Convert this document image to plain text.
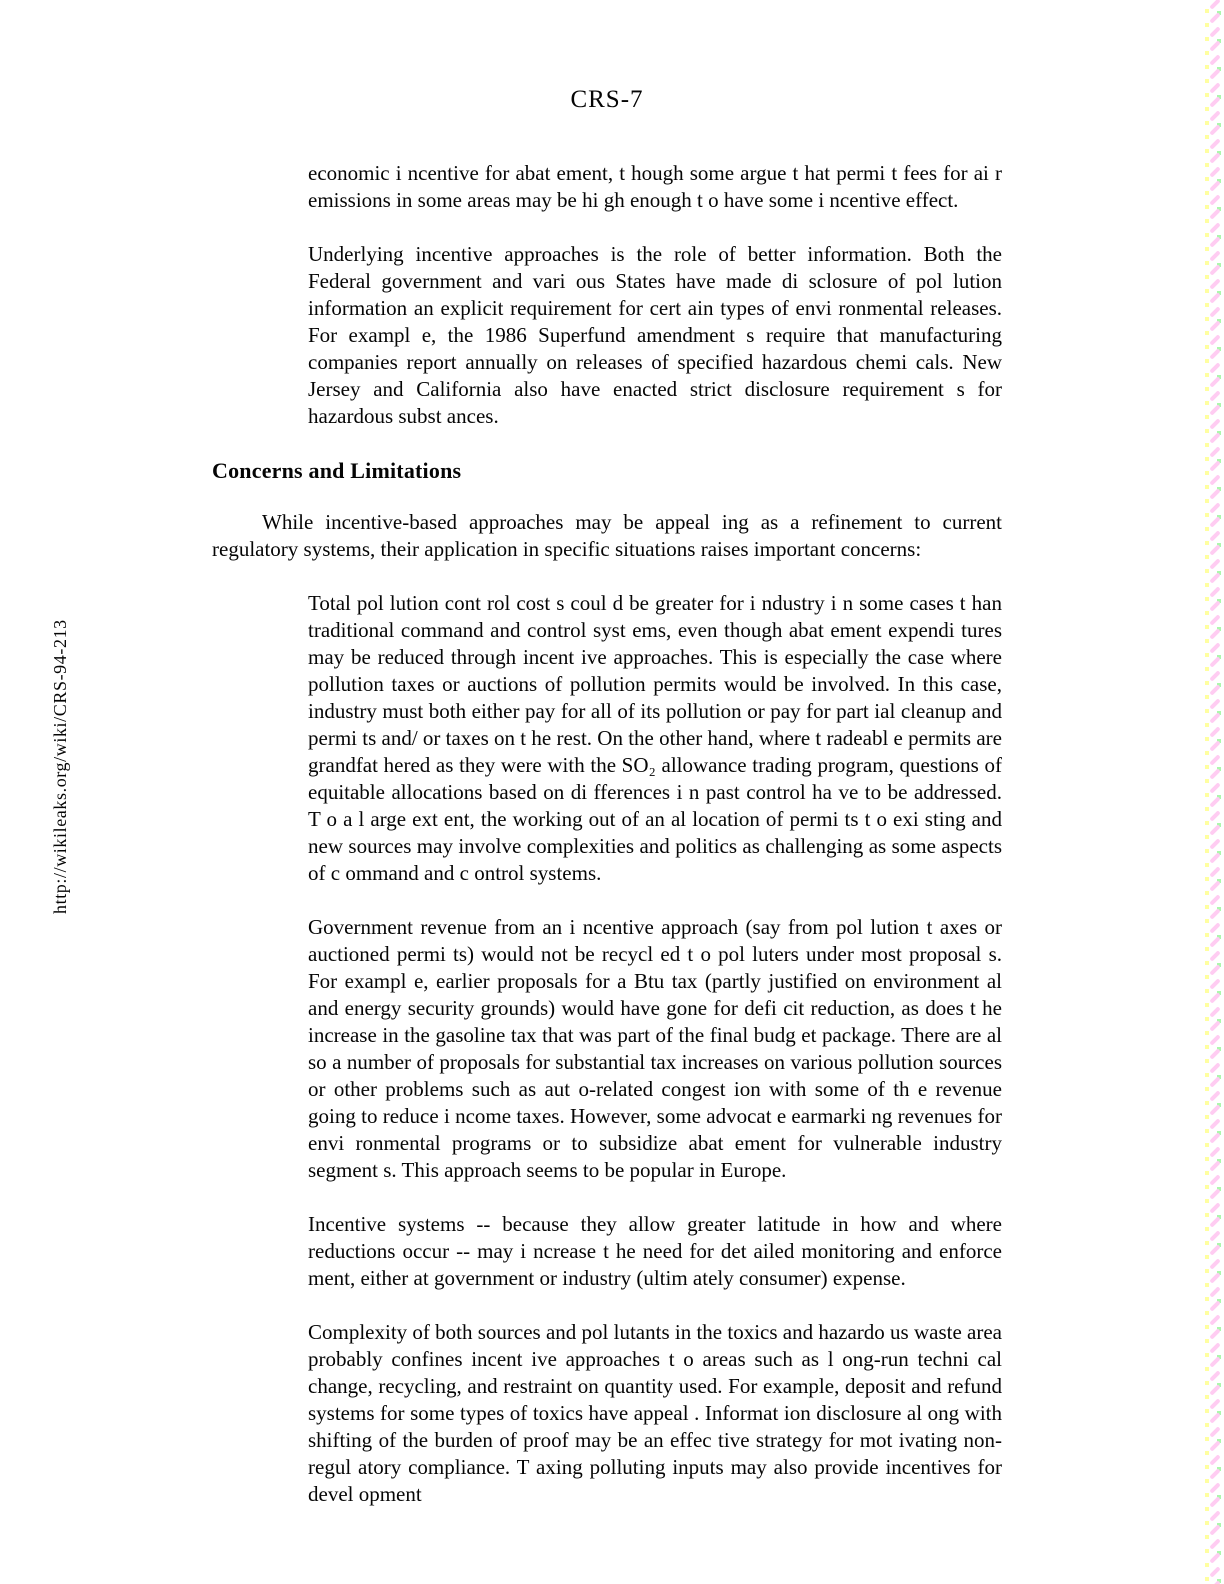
CRS-7
http://wikileaks.org/wiki/CRS-94-213

economic i ncentive for abat ement, t hough some argue t hat permi t fees for ai r emissions in some areas may be hi gh enough t o have some i ncentive effect.

Underlying incentive approaches is the role of better information. Both the Federal government and vari ous States have made di sclosure of pol lution information an explicit requirement for cert ain types of envi ronmental releases. For exampl e, the 1986 Superfund amendment s require that manufacturing companies report annually on releases of specified hazardous chemi cals. New Jersey and California also have enacted strict disclosure requirement s for hazardous subst ances.

Concerns and Limitations

While incentive-based approaches may be appeal ing as a refinement to current regulatory systems, their application in specific situations raises important concerns:

Total pol lution cont rol cost s coul d be greater for i ndustry i n some cases t han traditional command and control syst ems, even though abat ement expendi tures may be reduced through incent ive approaches. This is especially the case where pollution taxes or auctions of pollution permits would be involved. In this case, industry must both either pay for all of its pollution or pay for part ial cleanup and permi ts and/ or taxes on t he rest. On the other hand, where t radeabl e permits are grandfat hered as they were with the SO₂ allowance trading program, questions of equitable allocations based on di fferences i n past control ha ve to be addressed. T o a l arge ext ent, the working out of an al location of permi ts t o exi sting and new sources may involve complexities and politics as challenging as some aspects of c ommand and c ontrol systems.

Government revenue from an i ncentive approach (say from pol lution t axes or auctioned permi ts) would not be recycl ed t o pol luters under most proposal s. For exampl e, earlier proposals for a Btu tax (partly justified on environment al and energy security grounds) would have gone for defi cit reduction, as does t he increase in the gasoline tax that was part of the final budg et package. There are al so a number of proposals for substantial tax increases on various pollution sources or other problems such as aut o-related congest ion with some of th e revenue going to reduce i ncome taxes. However, some advocat e earmarki ng revenues for envi ronmental programs or to subsidize abat ement for vulnerable industry segment s. This approach seems to be popular in Europe.

Incentive systems -- because they allow greater latitude in how and where reductions occur -- may i ncrease t he need for det ailed monitoring and enforce ment, either at government or industry (ultim ately consumer) expense.

Complexity of both sources and pol lutants in the toxics and hazardo us waste area probably confines incent ive approaches t o areas such as l ong-run techni cal change, recycling, and restraint on quantity used. For example, deposit and refund systems for some types of toxics have appeal . Informat ion disclosure al ong with shifting of the burden of proof may be an effec tive strategy for mot ivating non-regul atory compliance. T axing polluting inputs may also provide incentives for devel opment
